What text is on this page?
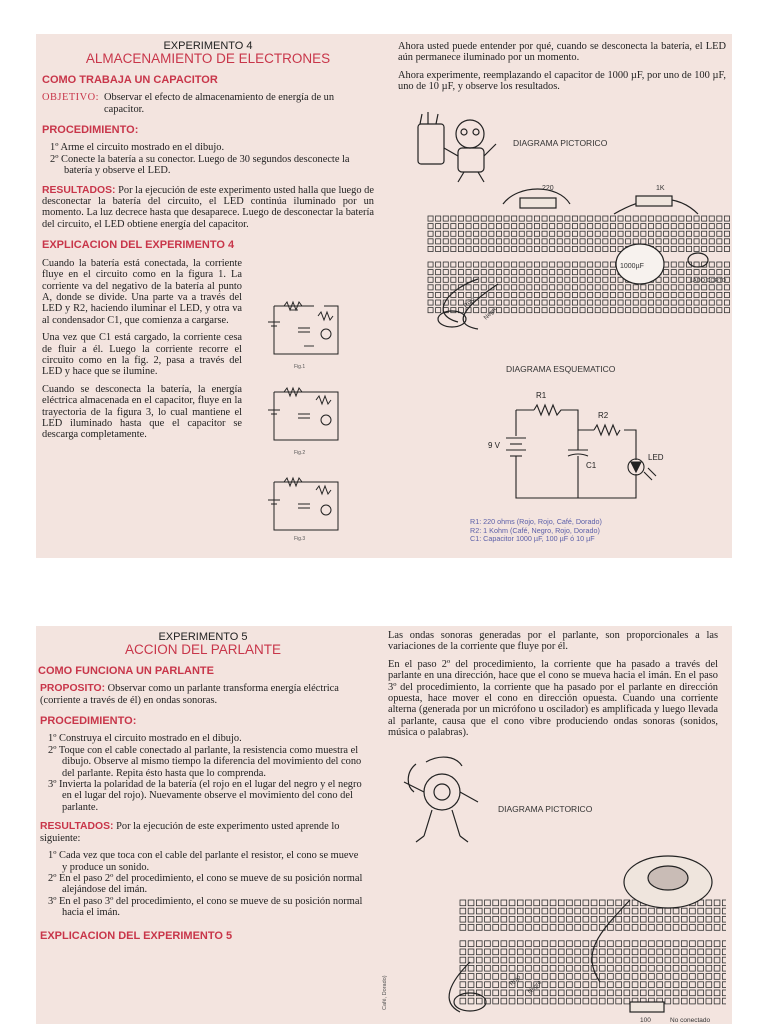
EXPERIMENTO 4
ALMACENAMIENTO DE ELECTRONES
COMO TRABAJA UN CAPACITOR

OBJETIVO: Observar el efecto de almacenamiento de energía de un capacitor.

PROCEDIMIENTO:
1º Arme el circuito mostrado en el dibujo.
2º Conecte la batería a su conector. Luego de 30 segundos desconecte la batería y observe el LED.

RESULTADOS: Por la ejecución de este experimento usted halla que luego de desconectar la batería del circuito, el LED continúa iluminado por un momento. La luz decrece hasta que desaparece. Luego de desconectar la batería del circuito, el LED obtiene energía del capacitor.

EXPLICACION DEL EXPERIMENTO 4

Cuando la batería está conectada, la corriente fluye en el circuito como en la figura 1. La corriente va del negativo de la batería al punto A, donde se divide. Una parte va a través del LED y R2, haciendo iluminar el LED, y otra va al condensador C1, que comienza a cargarse.

Una vez que C1 está cargado, la corriente cesa de fluir a él. Luego la corriente recorre el circuito como en la fig. 2, pasa a través del LED y hace que se ilumine.

Cuando se desconecta la batería, la energía eléctrica almacenada en el capacitor, fluye en la trayectoria de la figura 3, lo cual mantiene el LED iluminado hasta que el capacitor se descarga completamente.

Fig.1
Fig.2
Fig.3

Ahora usted puede entender por qué, cuando se desconecta la batería, el LED aún permanece iluminado por un momento.

Ahora experimente, reemplazando el capacitor de 1000 µF, por uno de 100 µF, uno de 10 µF, y observe los resultados.

DIAGRAMA PICTORICO
220	1K
1000µF
LADO CORTO
Rojo
Negro
DIAGRAMA ESQUEMATICO
R1
R2
9 V
C1
LED
R1: 220 ohms (Rojo, Rojo, Café, Dorado)
R2: 1 Kohm (Café, Negro, Rojo, Dorado)
C1: Capacitor 1000 µF, 100 µF ó 10 µF
EXPERIMENTO 5
ACCION DEL PARLANTE
COMO FUNCIONA UN PARLANTE

PROPOSITO: Observar como un parlante transforma energía eléctrica (corriente a través de él) en ondas sonoras.

PROCEDIMIENTO:
1º Construya el circuito mostrado en el dibujo.
2º Toque con el cable conectado al parlante, la resistencia como muestra el dibujo. Observe al mismo tiempo la diferencia del movimiento del cono del parlante. Repita ésto hasta que lo comprenda.
3º Invierta la polaridad de la batería (el rojo en el lugar del negro y el negro en el lugar del rojo). Nuevamente observe el movimiento del cono del parlante.

RESULTADOS: Por la ejecución de este experimento usted aprende lo siguiente:

1º Cada vez que toca con el cable del parlante el resistor, el cono se mueve y produce un sonido.
2º En el paso 2º del procedimiento, el cono se mueve de su posición normal alejándose del imán.
3º En el paso 3º del procedimiento, el cono se mueve de su posición normal hacia el imán.
EXPLICACION DEL EXPERIMENTO 5

Las ondas sonoras generadas por el parlante, son proporcionales a las variaciones de la corriente que fluye por él.

En el paso 2º del procedimiento, la corriente que ha pasado a través del parlante en una dirección, hace que el cono se mueva hacia el imán. En el paso 3º del procedimiento, la corriente que ha pasado por el parlante en dirección opuesta, hace mover el cono en dirección opuesta. Cuando una corriente alterna (generada por un micrófono u oscilador) es amplificada y luego llevada al parlante, causa que el cono vibre produciendo ondas sonoras (sonidos, música o palabras).

DIAGRAMA PICTORICO
Rojo Negro
100	No conectado
Café, Dorado)
